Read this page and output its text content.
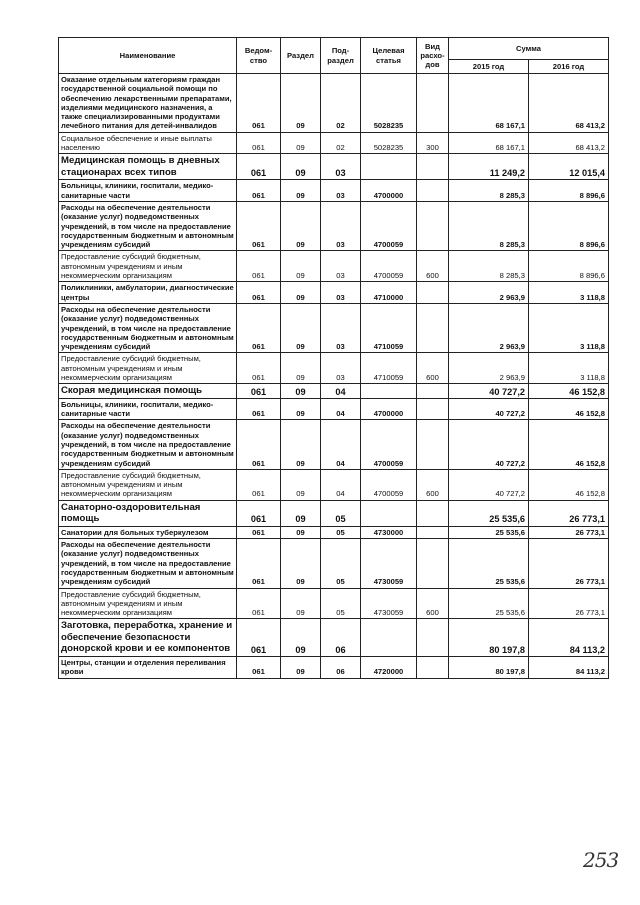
Наименование	Ведом-ство	Раздел	Под-раздел	Целевая статья	Вид расхо-дов	Сумма	
						2015 год	2016 год
Оказание отдельным категориям граждан государственной социальной помощи по обеспечению лекарственными препаратами, изделиями медицинского назначения, а также специализированными продуктами лечебного питания для детей-инвалидов	061	09	02	5028235		68 167,1	68 413,2
Социальное обеспечение и иные выплаты населению	061	09	02	5028235	300	68 167,1	68 413,2
Медицинская помощь в дневных стационарах всех типов	061	09	03			11 249,2	12 015,4
Больницы, клиники, госпитали, медико-санитарные части	061	09	03	4700000		8 285,3	8 896,6
Расходы на обеспечение деятельности (оказание услуг) подведомственных учреждений, в том числе на предоставление государственным бюджетным и автономным учреждениям субсидий	061	09	03	4700059		8 285,3	8 896,6
Предоставление субсидий бюджетным, автономным учреждениям и иным некоммерческим организациям	061	09	03	4700059	600	8 285,3	8 896,6
Поликлиники, амбулатории, диагностические центры	061	09	03	4710000		2 963,9	3 118,8
Расходы на обеспечение деятельности (оказание услуг) подведомственных учреждений, в том числе на предоставление государственным бюджетным и автономным учреждениям субсидий	061	09	03	4710059		2 963,9	3 118,8
Предоставление субсидий бюджетным, автономным учреждениям и иным некоммерческим организациям	061	09	03	4710059	600	2 963,9	3 118,8
Скорая медицинская помощь	061	09	04			40 727,2	46 152,8
Больницы, клиники, госпитали, медико-санитарные части	061	09	04	4700000		40 727,2	46 152,8
Расходы на обеспечение деятельности (оказание услуг) подведомственных учреждений, в том числе на предоставление государственным бюджетным и автономным учреждениям субсидий	061	09	04	4700059		40 727,2	46 152,8
Предоставление субсидий бюджетным, автономным учреждениям и иным некоммерческим организациям	061	09	04	4700059	600	40 727,2	46 152,8
Санаторно-оздоровительная помощь	061	09	05			25 535,6	26 773,1
Санатории для больных туберкулезом	061	09	05	4730000		25 535,6	26 773,1
Расходы на обеспечение деятельности (оказание услуг) подведомственных учреждений, в том числе на предоставление государственным бюджетным и автономным учреждениям субсидий	061	09	05	4730059		25 535,6	26 773,1
Предоставление субсидий бюджетным, автономным учреждениям и иным некоммерческим организациям	061	09	05	4730059	600	25 535,6	26 773,1
Заготовка, переработка, хранение и обеспечение безопасности донорской крови и ее компонентов	061	09	06			80 197,8	84 113,2
Центры, станции и отделения переливания крови	061	09	06	4720000		80 197,8	84 113,2
253
